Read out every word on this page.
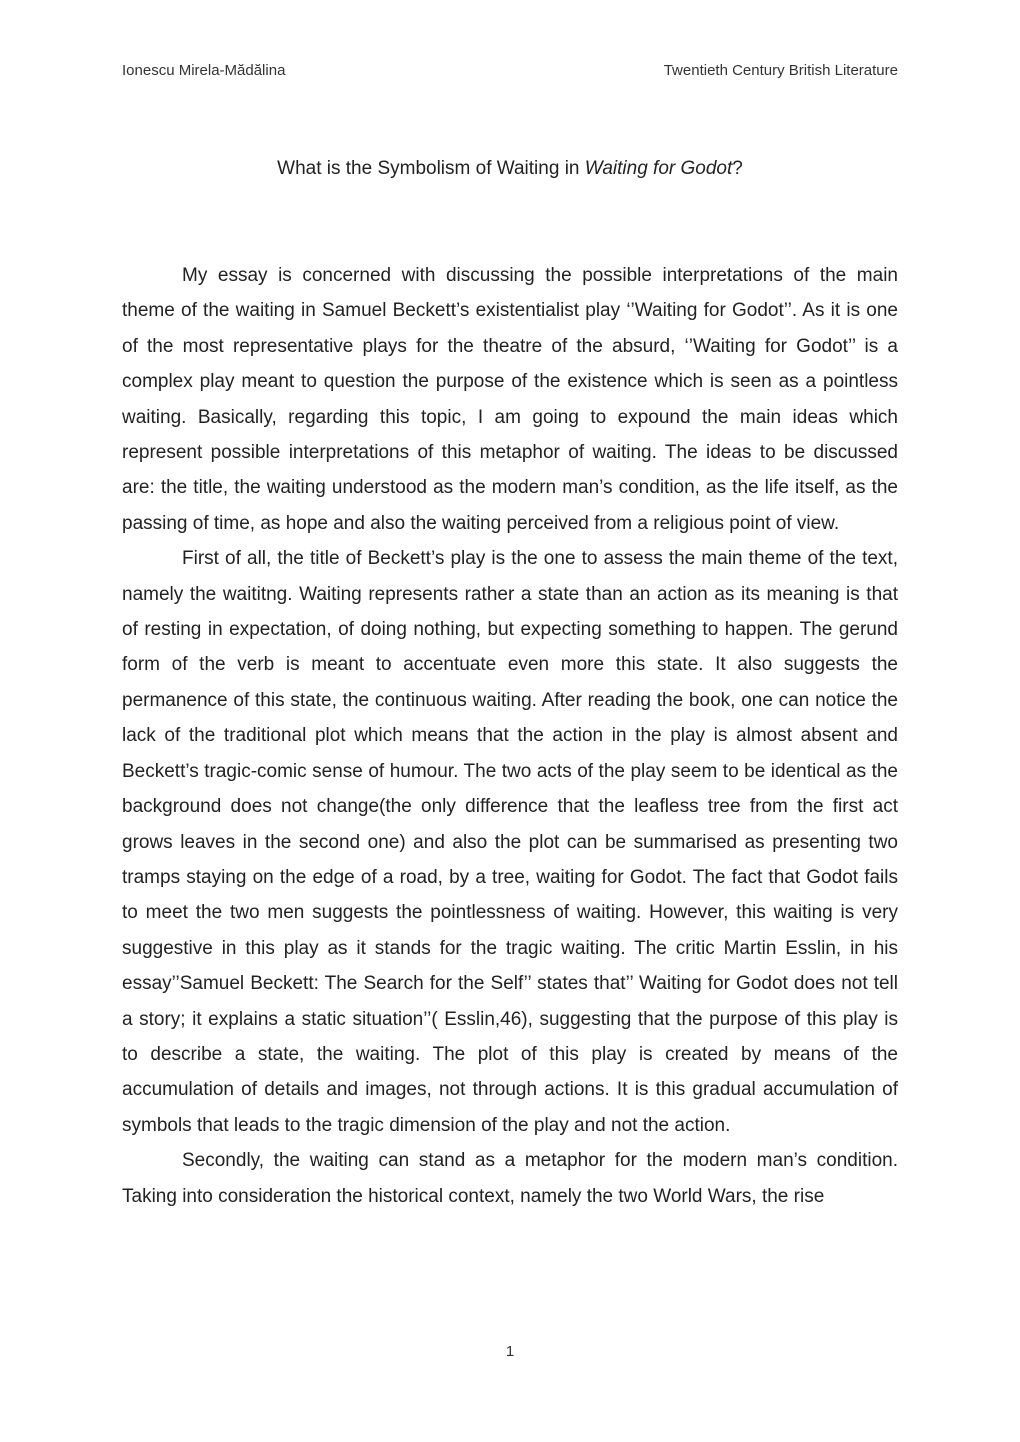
Ionescu Mirela-Mădălina	Twentieth Century British Literature
What is the Symbolism of Waiting in Waiting for Godot?

My essay is concerned with discussing the possible interpretations of the main theme of the waiting in Samuel Beckett’s existentialist play ‘’Waiting for Godot’’. As it is one of the most representative plays for the theatre of the absurd, ‘’Waiting for Godot’’ is a complex play meant to question the purpose of the existence which is seen as a pointless waiting. Basically, regarding this topic, I am going to expound the main ideas which represent possible interpretations of this metaphor of waiting. The ideas to be discussed are: the title, the waiting understood as the modern man’s condition, as the life itself, as the passing of time, as hope and also the waiting perceived from a religious point of view.

First of all, the title of Beckett’s play is the one to assess the main theme of the text, namely the waititng. Waiting represents rather a state than an action as its meaning is that of resting in expectation, of doing nothing, but expecting something to happen. The gerund form of the verb is meant to accentuate even more this state. It also suggests the permanence of this state, the continuous waiting. After reading the book, one can notice the lack of the traditional plot which means that the action in the play is almost absent and Beckett’s tragic-comic sense of humour. The two acts of the play seem to be identical as the background does not change(the only difference that the leafless tree from the first act grows leaves in the second one) and also the plot can be summarised as presenting two tramps staying on the edge of a road, by a tree, waiting for Godot. The fact that Godot fails to meet the two men suggests the pointlessness of waiting. However, this waiting is very suggestive in this play as it stands for the tragic waiting. The critic Martin Esslin, in his essay’’Samuel Beckett: The Search for the Self’’ states that’’ Waiting for Godot does not tell a story; it explains a static situation’’( Esslin,46), suggesting that the purpose of this play is to describe a state, the waiting. The plot of this play is created by means of the accumulation of details and images, not through actions. It is this gradual accumulation of symbols that leads to the tragic dimension of the play and not the action.

Secondly, the waiting can stand as a metaphor for the modern man’s condition. Taking into consideration the historical context, namely the two World Wars, the rise

1
